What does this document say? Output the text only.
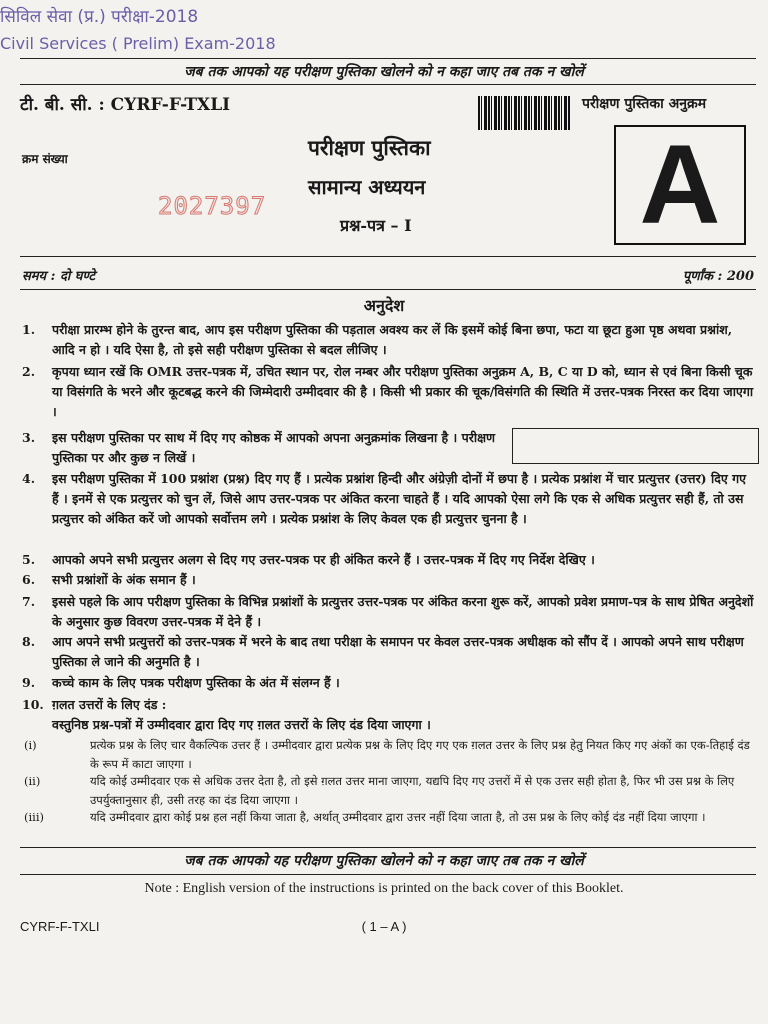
सिविल सेवा (प्र.) परीक्षा-2018
Civil Services ( Prelim) Exam-2018
जब तक आपको यह परीक्षण पुस्तिका खोलने को न कहा जाए तब तक न खोलें
टी. बी. सी. : CYRF-F-TXLI	परीक्षण पुस्तिका अनुक्रम
A
क्रम संख्या	परीक्षण पुस्तिका
सामान्य अध्ययन
2027397
प्रश्न-पत्र – I
समय : दो घण्टे	पूर्णांक : 200
अनुदेश
1.	परीक्षा प्रारम्भ होने के तुरन्त बाद, आप इस परीक्षण पुस्तिका की पड़ताल अवश्य कर लें कि इसमें कोई बिना छपा, फटा या छूटा हुआ पृष्ठ अथवा प्रश्नांश, आदि न हो । यदि ऐसा है, तो इसे सही परीक्षण पुस्तिका से बदल लीजिए ।
2.	कृपया ध्यान रखें कि OMR उत्तर-पत्रक में, उचित स्थान पर, रोल नम्बर और परीक्षण पुस्तिका अनुक्रम A, B, C या D को, ध्यान से एवं बिना किसी चूक या विसंगति के भरने और कूटबद्ध करने की जिम्मेदारी उम्मीदवार की है । किसी भी प्रकार की चूक/विसंगति की स्थिति में उत्तर-पत्रक निरस्त कर दिया जाएगा ।
3.	इस परीक्षण पुस्तिका पर साथ में दिए गए कोष्ठक में आपको अपना अनुक्रमांक लिखना है । परीक्षण पुस्तिका पर और कुछ न लिखें ।
4.	इस परीक्षण पुस्तिका में 100 प्रश्नांश (प्रश्न) दिए गए हैं । प्रत्येक प्रश्नांश हिन्दी और अंग्रेज़ी दोनों में छपा है । प्रत्येक प्रश्नांश में चार प्रत्युत्तर (उत्तर) दिए गए हैं । इनमें से एक प्रत्युत्तर को चुन लें, जिसे आप उत्तर-पत्रक पर अंकित करना चाहते हैं । यदि आपको ऐसा लगे कि एक से अधिक प्रत्युत्तर सही हैं, तो उस प्रत्युत्तर को अंकित करें जो आपको सर्वोत्तम लगे । प्रत्येक प्रश्नांश के लिए केवल एक ही प्रत्युत्तर चुनना है ।
5.	आपको अपने सभी प्रत्युत्तर अलग से दिए गए उत्तर-पत्रक पर ही अंकित करने हैं । उत्तर-पत्रक में दिए गए निर्देश देखिए ।
6.	सभी प्रश्नांशों के अंक समान हैं ।
7.	इससे पहले कि आप परीक्षण पुस्तिका के विभिन्न प्रश्नांशों के प्रत्युत्तर उत्तर-पत्रक पर अंकित करना शुरू करें, आपको प्रवेश प्रमाण-पत्र के साथ प्रेषित अनुदेशों के अनुसार कुछ विवरण उत्तर-पत्रक में देने हैं ।
8.	आप अपने सभी प्रत्युत्तरों को उत्तर-पत्रक में भरने के बाद तथा परीक्षा के समापन पर केवल उत्तर-पत्रक अधीक्षक को सौंप दें । आपको अपने साथ परीक्षण पुस्तिका ले जाने की अनुमति है ।
9.	कच्चे काम के लिए पत्रक परीक्षण पुस्तिका के अंत में संलग्न हैं ।
10. ग़लत उत्तरों के लिए दंड :
वस्तुनिष्ठ प्रश्न-पत्रों में उम्मीदवार द्वारा दिए गए ग़लत उत्तरों के लिए दंड दिया जाएगा ।
(i)	प्रत्येक प्रश्न के लिए चार वैकल्पिक उत्तर हैं । उम्मीदवार द्वारा प्रत्येक प्रश्न के लिए दिए गए एक ग़लत उत्तर के लिए प्रश्न हेतु नियत किए गए अंकों का एक-तिहाई दंड के रूप में काटा जाएगा ।
(ii)	यदि कोई उम्मीदवार एक से अधिक उत्तर देता है, तो इसे ग़लत उत्तर माना जाएगा, यद्यपि दिए गए उत्तरों में से एक उत्तर सही होता है, फिर भी उस प्रश्न के लिए उपर्युक्तानुसार ही, उसी तरह का दंड दिया जाएगा ।
(iii)	यदि उम्मीदवार द्वारा कोई प्रश्न हल नहीं किया जाता है, अर्थात् उम्मीदवार द्वारा उत्तर नहीं दिया जाता है, तो उस प्रश्न के लिए कोई दंड नहीं दिया जाएगा ।
जब तक आपको यह परीक्षण पुस्तिका खोलने को न कहा जाए तब तक न खोलें
Note : English version of the instructions is printed on the back cover of this Booklet.
CYRF-F-TXLI	( 1 – A )
